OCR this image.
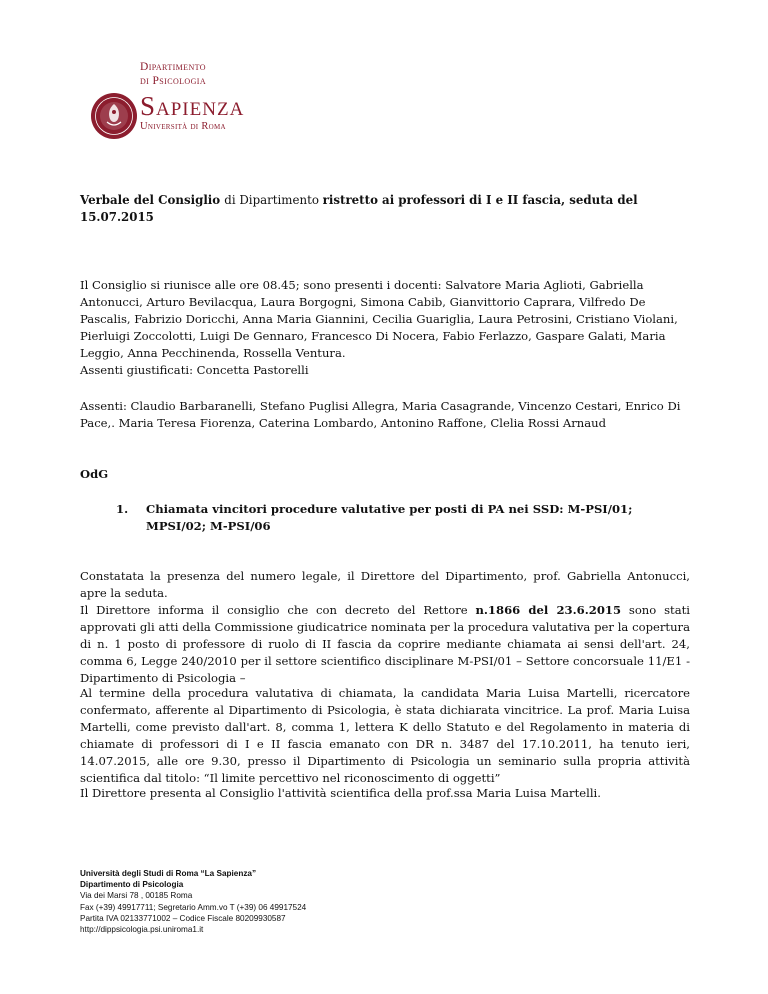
Dipartimento
di Psicologia
Sapienza
Università di Roma
Verbale del Consiglio di Dipartimento ristretto ai professori di I e II fascia, seduta del 15.07.2015
Il Consiglio si riunisce alle ore 08.45; sono presenti i docenti: Salvatore Maria Aglioti, Gabriella Antonucci, Arturo Bevilacqua, Laura Borgogni, Simona Cabib, Gianvittorio Caprara, Vilfredo De Pascalis, Fabrizio Doricchi, Anna Maria Giannini, Cecilia Guariglia, Laura Petrosini, Cristiano Violani, Pierluigi Zoccolotti, Luigi De Gennaro, Francesco Di Nocera, Fabio Ferlazzo, Gaspare Galati, Maria Leggio, Anna Pecchinenda, Rossella Ventura.
Assenti giustificati: Concetta Pastorelli
Assenti: Claudio Barbaranelli, Stefano Puglisi Allegra, Maria Casagrande, Vincenzo Cestari, Enrico Di Pace,. Maria Teresa Fiorenza, Caterina Lombardo, Antonino Raffone, Clelia Rossi Arnaud
OdG
1. Chiamata vincitori procedure valutative per posti di PA nei SSD: M-PSI/01; MPSI/02; M-PSI/06
Constatata la presenza del numero legale, il Direttore del Dipartimento, prof. Gabriella Antonucci, apre la seduta.
Il Direttore informa il consiglio che con decreto del Rettore n.1866 del 23.6.2015 sono stati approvati gli atti della Commissione giudicatrice nominata per la procedura valutativa per la copertura di n. 1 posto di professore di ruolo di II fascia da coprire mediante chiamata ai sensi dell'art. 24, comma 6, Legge 240/2010 per il settore scientifico disciplinare M-PSI/01 – Settore concorsuale 11/E1 - Dipartimento di Psicologia –
Al termine della procedura valutativa di chiamata, la candidata Maria Luisa Martelli, ricercatore confermato, afferente al Dipartimento di Psicologia, è stata dichiarata vincitrice. La prof. Maria Luisa Martelli, come previsto dall'art. 8, comma 1, lettera K dello Statuto e del Regolamento in materia di chiamate di professori di I e II fascia emanato con DR n. 3487 del 17.10.2011, ha tenuto ieri, 14.07.2015, alle ore 9.30, presso il Dipartimento di Psicologia un seminario sulla propria attività scientifica dal titolo: “Il limite percettivo nel riconoscimento di oggetti”
Il Direttore presenta al Consiglio l'attività scientifica della prof.ssa Maria Luisa Martelli.
Università degli Studi di Roma “La Sapienza”
Dipartimento di Psicologia
Via dei Marsi 78 , 00185 Roma
Fax (+39) 49917711; Segretario Amm.vo T (+39) 06 49917524
Partita IVA 02133771002 – Codice Fiscale 80209930587
http://dippsicologia.psi.uniroma1.it
